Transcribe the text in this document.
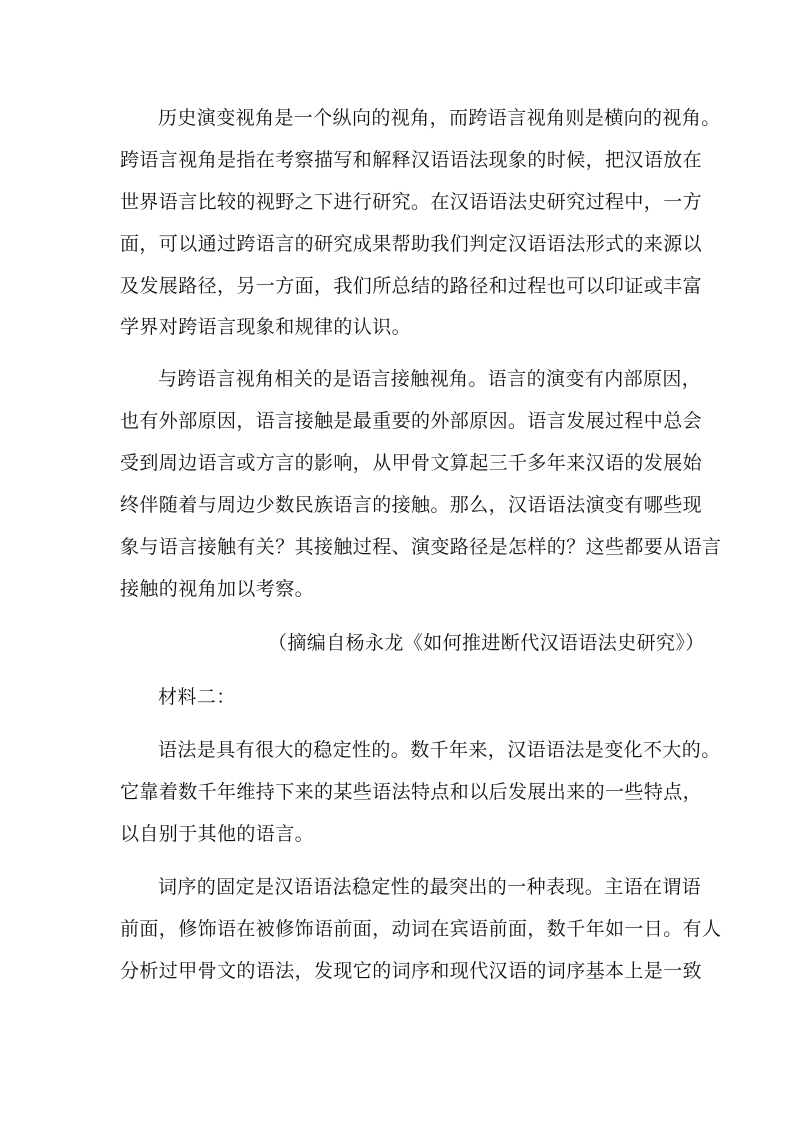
历史演变视角是一个纵向的视角，而跨语言视角则是横向的视角。
跨语言视角是指在考察描写和解释汉语语法现象的时候，把汉语放在
世界语言比较的视野之下进行研究。在汉语语法史研究过程中，一方
面，可以通过跨语言的研究成果帮助我们判定汉语语法形式的来源以
及发展路径，另一方面，我们所总结的路径和过程也可以印证或丰富
学界对跨语言现象和规律的认识。
与跨语言视角相关的是语言接触视角。语言的演变有内部原因，
也有外部原因，语言接触是最重要的外部原因。语言发展过程中总会
受到周边语言或方言的影响，从甲骨文算起三千多年来汉语的发展始
终伴随着与周边少数民族语言的接触。那么，汉语语法演变有哪些现
象与语言接触有关？其接触过程、演变路径是怎样的？这些都要从语言
接触的视角加以考察。
（摘编自杨永龙《如何推进断代汉语语法史研究》）
材料二：
语法是具有很大的稳定性的。数千年来，汉语语法是变化不大的。
它靠着数千年维持下来的某些语法特点和以后发展出来的一些特点，
以自别于其他的语言。
词序的固定是汉语语法稳定性的最突出的一种表现。主语在谓语
前面，修饰语在被修饰语前面，动词在宾语前面，数千年如一日。有人
分析过甲骨文的语法，发现它的词序和现代汉语的词序基本上是一致
